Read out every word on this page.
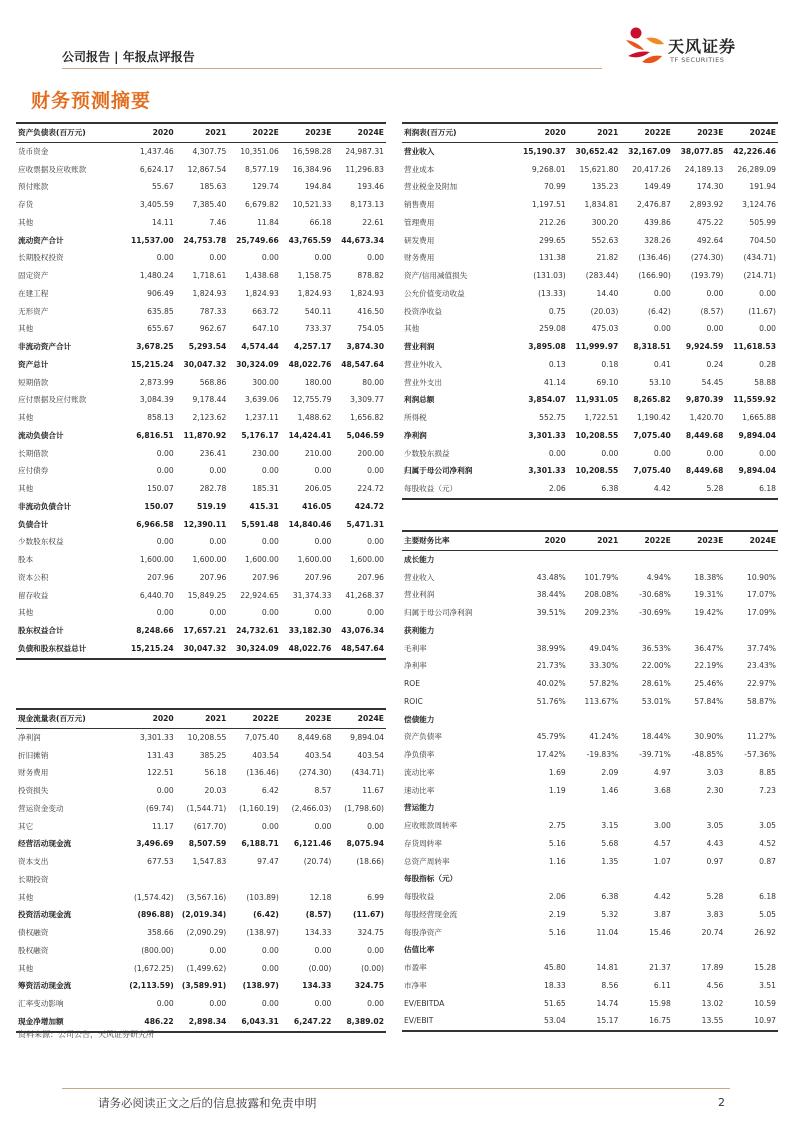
公司报告 | 年报点评报告
天风证券
TF SECURITIES
财务预测摘要
资产负债表(百万元)	2020	2021	2022E	2023E	2024E
货币资金	1,437.46	4,307.75	10,351.06	16,598.28	24,987.31
应收票据及应收账款	6,624.17	12,867.54	8,577.19	16,384.96	11,296.83
预付账款	55.67	185.63	129.74	194.84	193.46
存货	3,405.59	7,385.40	6,679.82	10,521.33	8,173.13
其他	14.11	7.46	11.84	66.18	22.61
流动资产合计	11,537.00	24,753.78	25,749.66	43,765.59	44,673.34
长期股权投资	0.00	0.00	0.00	0.00	0.00
固定资产	1,480.24	1,718.61	1,438.68	1,158.75	878.82
在建工程	906.49	1,824.93	1,824.93	1,824.93	1,824.93
无形资产	635.85	787.33	663.72	540.11	416.50
其他	655.67	962.67	647.10	733.37	754.05
非流动资产合计	3,678.25	5,293.54	4,574.44	4,257.17	3,874.30
资产总计	15,215.24	30,047.32	30,324.09	48,022.76	48,547.64
短期借款	2,873.99	568.86	300.00	180.00	80.00
应付票据及应付账款	3,084.39	9,178.44	3,639.06	12,755.79	3,309.77
其他	858.13	2,123.62	1,237.11	1,488.62	1,656.82
流动负债合计	6,816.51	11,870.92	5,176.17	14,424.41	5,046.59
长期借款	0.00	236.41	230.00	210.00	200.00
应付债券	0.00	0.00	0.00	0.00	0.00
其他	150.07	282.78	185.31	206.05	224.72
非流动负债合计	150.07	519.19	415.31	416.05	424.72
负债合计	6,966.58	12,390.11	5,591.48	14,840.46	5,471.31
少数股东权益	0.00	0.00	0.00	0.00	0.00
股本	1,600.00	1,600.00	1,600.00	1,600.00	1,600.00
资本公积	207.96	207.96	207.96	207.96	207.96
留存收益	6,440.70	15,849.25	22,924.65	31,374.33	41,268.37
其他	0.00	0.00	0.00	0.00	0.00
股东权益合计	8,248.66	17,657.21	24,732.61	33,182.30	43,076.34
负债和股东权益总计	15,215.24	30,047.32	30,324.09	48,022.76	48,547.64
利润表(百万元)	2020	2021	2022E	2023E	2024E
营业收入	15,190.37	30,652.42	32,167.09	38,077.85	42,226.46
营业成本	9,268.01	15,621.80	20,417.26	24,189.13	26,289.09
营业税金及附加	70.99	135.23	149.49	174.30	191.94
销售费用	1,197.51	1,834.81	2,476.87	2,893.92	3,124.76
管理费用	212.26	300.20	439.86	475.22	505.99
研发费用	299.65	552.63	328.26	492.64	704.50
财务费用	131.38	21.82	(136.46)	(274.30)	(434.71)
资产/信用减值损失	(131.03)	(283.44)	(166.90)	(193.79)	(214.71)
公允价值变动收益	(13.33)	14.40	0.00	0.00	0.00
投资净收益	0.75	(20.03)	(6.42)	(8.57)	(11.67)
其他	259.08	475.03	0.00	0.00	0.00
营业利润	3,895.08	11,999.97	8,318.51	9,924.59	11,618.53
营业外收入	0.13	0.18	0.41	0.24	0.28
营业外支出	41.14	69.10	53.10	54.45	58.88
利润总额	3,854.07	11,931.05	8,265.82	9,870.39	11,559.92
所得税	552.75	1,722.51	1,190.42	1,420.70	1,665.88
净利润	3,301.33	10,208.55	7,075.40	8,449.68	9,894.04
少数股东损益	0.00	0.00	0.00	0.00	0.00
归属于母公司净利润	3,301.33	10,208.55	7,075.40	8,449.68	9,894.04
每股收益（元）	2.06	6.38	4.42	5.28	6.18
主要财务比率	2020	2021	2022E	2023E	2024E
成长能力					
营业收入	43.48%	101.79%	4.94%	18.38%	10.90%
营业利润	38.44%	208.08%	-30.68%	19.31%	17.07%
归属于母公司净利润	39.51%	209.23%	-30.69%	19.42%	17.09%
获利能力					
毛利率	38.99%	49.04%	36.53%	36.47%	37.74%
净利率	21.73%	33.30%	22.00%	22.19%	23.43%
ROE	40.02%	57.82%	28.61%	25.46%	22.97%
ROIC	51.76%	113.67%	53.01%	57.84%	58.87%
偿债能力					
资产负债率	45.79%	41.24%	18.44%	30.90%	11.27%
净负债率	17.42%	-19.83%	-39.71%	-48.85%	-57.36%
流动比率	1.69	2.09	4.97	3.03	8.85
速动比率	1.19	1.46	3.68	2.30	7.23
营运能力					
应收账款周转率	2.75	3.15	3.00	3.05	3.05
存货周转率	5.16	5.68	4.57	4.43	4.52
总资产周转率	1.16	1.35	1.07	0.97	0.87
每股指标（元）					
每股收益	2.06	6.38	4.42	5.28	6.18
每股经营现金流	2.19	5.32	3.87	3.83	5.05
每股净资产	5.16	11.04	15.46	20.74	26.92
估值比率					
市盈率	45.80	14.81	21.37	17.89	15.28
市净率	18.33	8.56	6.11	4.56	3.51
EV/EBITDA	51.65	14.74	15.98	13.02	10.59
EV/EBIT	53.04	15.17	16.75	13.55	10.97
现金流量表(百万元)	2020	2021	2022E	2023E	2024E
净利润	3,301.33	10,208.55	7,075.40	8,449.68	9,894.04
折旧摊销	131.43	385.25	403.54	403.54	403.54
财务费用	122.51	56.18	(136.46)	(274.30)	(434.71)
投资损失	0.00	20.03	6.42	8.57	11.67
营运资金变动	(69.74)	(1,544.71)	(1,160.19)	(2,466.03)	(1,798.60)
其它	11.17	(617.70)	0.00	0.00	0.00
经营活动现金流	3,496.69	8,507.59	6,188.71	6,121.46	8,075.94
资本支出	677.53	1,547.83	97.47	(20.74)	(18.66)
长期投资					
其他	(1,574.42)	(3,567.16)	(103.89)	12.18	6.99
投资活动现金流	(896.88)	(2,019.34)	(6.42)	(8.57)	(11.67)
债权融资	358.66	(2,090.29)	(138.97)	134.33	324.75
股权融资	(800.00)	0.00	0.00	0.00	0.00
其他	(1,672.25)	(1,499.62)	0.00	(0.00)	(0.00)
筹资活动现金流	(2,113.59)	(3,589.91)	(138.97)	134.33	324.75
汇率变动影响	0.00	0.00	0.00	0.00	0.00
现金净增加额	486.22	2,898.34	6,043.31	6,247.22	8,389.02
资料来源：公司公告，天风证券研究所
请务必阅读正文之后的信息披露和免责申明	2
